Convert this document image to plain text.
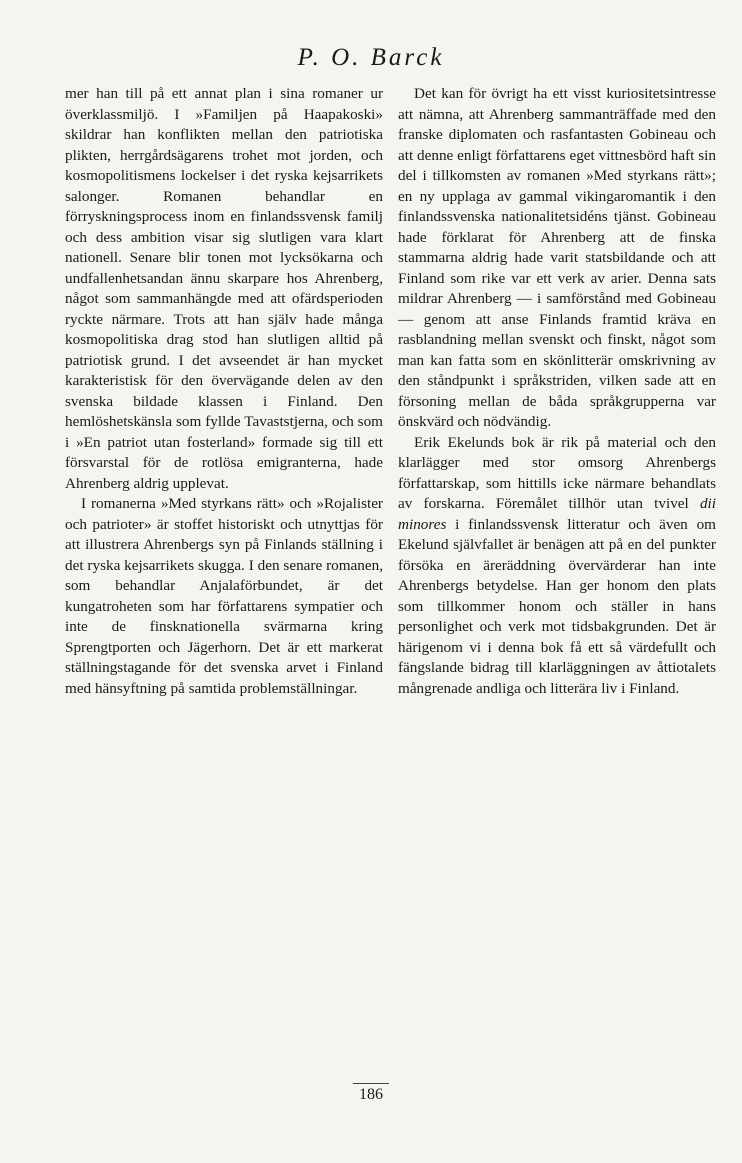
P. O. Barck

mer han till på ett annat plan i sina romaner ur överklassmiljö. I »Familjen på Haapakoski» skildrar han konflikten mellan den patriotiska plikten, herrgårdsägarens trohet mot jorden, och kosmopolitismens lockelser i det ryska kejsarrikets salonger. Romanen behandlar en förryskningsprocess inom en finlandssvensk familj och dess ambition visar sig slutligen vara klart nationell. Senare blir tonen mot lycksökarna och undfallenhetsandan ännu skarpare hos Ahrenberg, något som sammanhängde med att ofärdsperioden ryckte närmare. Trots att han själv hade många kosmopolitiska drag stod han slutligen alltid på patriotisk grund. I det avseendet är han mycket karakteristisk för den övervägande delen av den svenska bildade klassen i Finland. Den hemlöshetskänsla som fyllde Tavaststjerna, och som i »En patriot utan fosterland» formade sig till ett försvarstal för de rotlösa emigranterna, hade Ahrenberg aldrig upplevat.

I romanerna »Med styrkans rätt» och »Rojalister och patrioter» är stoffet historiskt och utnyttjas för att illustrera Ahrenbergs syn på Finlands ställning i det ryska kejsarrikets skugga. I den senare romanen, som behandlar Anjalaförbundet, är det kungatroheten som har författarens sympatier och inte de finsknationella svärmarna kring Sprengtporten och Jägerhorn. Det är ett markerat ställningstagande för det svenska arvet i Finland med hänsyftning på samtida problemställningar.

Det kan för övrigt ha ett visst kuriositetsintresse att nämna, att Ahrenberg sammanträffade med den franske diplomaten och rasfantasten Gobineau och att denne enligt författarens eget vittnesbörd haft sin del i tillkomsten av romanen »Med styrkans rätt»; en ny upplaga av gammal vikingaromantik i den finlandssvenska nationalitetsidéns tjänst. Gobineau hade förklarat för Ahrenberg att de finska stammarna aldrig hade varit statsbildande och att Finland som rike var ett verk av arier. Denna sats mildrar Ahrenberg — i samförstånd med Gobineau — genom att anse Finlands framtid kräva en rasblandning mellan svenskt och finskt, något som man kan fatta som en skönlitterär omskrivning av den ståndpunkt i språkstriden, vilken sade att en försoning mellan de båda språkgrupperna var önskvärd och nödvändig.

Erik Ekelunds bok är rik på material och den klarlägger med stor omsorg Ahrenbergs författarskap, som hittills icke närmare behandlats av forskarna. Föremålet tillhör utan tvivel dii minores i finlandssvensk litteratur och även om Ekelund självfallet är benägen att på en del punkter försöka en äreräddning övervärderar han inte Ahrenbergs betydelse. Han ger honom den plats som tillkommer honom och ställer in hans personlighet och verk mot tidsbakgrunden. Det är härigenom vi i denna bok få ett så värdefullt och fängslande bidrag till klarläggningen av åttiotalets mångrenade andliga och litterära liv i Finland.

186
